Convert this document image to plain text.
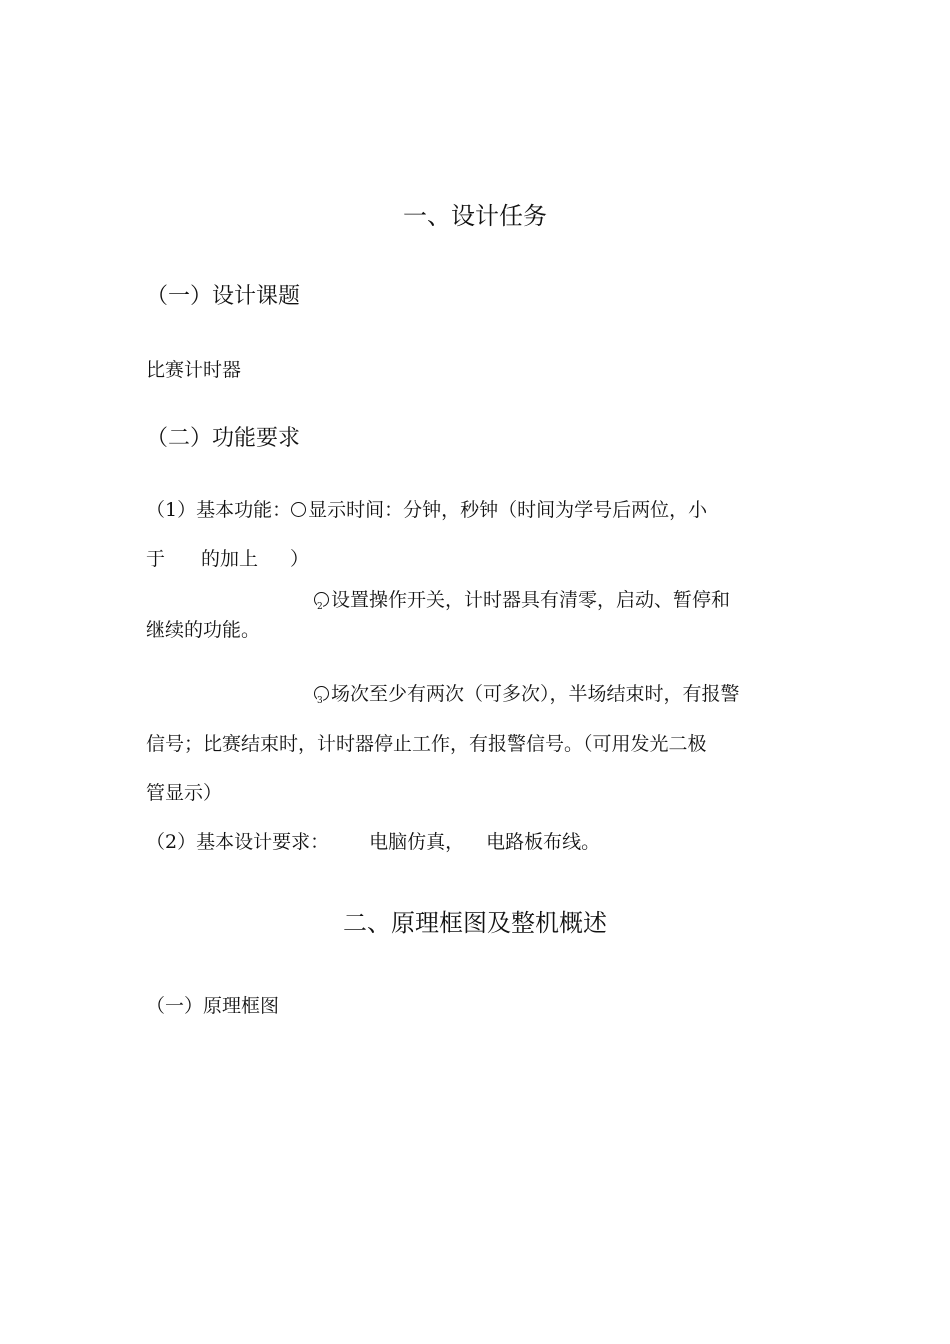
一、设计任务
（一）设计课题
比赛计时器
（二）功能要求
（1）基本功能： 显示时间：分钟，秒钟（时间为学号后两位，小
于 的加上 ）
2 设置操作开关，计时器具有清零，启动、暂停和
继续的功能。
3 场次至少有两次（可多次），半场结束时，有报警
信号；比赛结束时，计时器停止工作，有报警信号。（可用发光二极
管显示）
（2）基本设计要求： 电脑仿真， 电路板布线。
二、原理框图及整机概述
（一）原理框图
